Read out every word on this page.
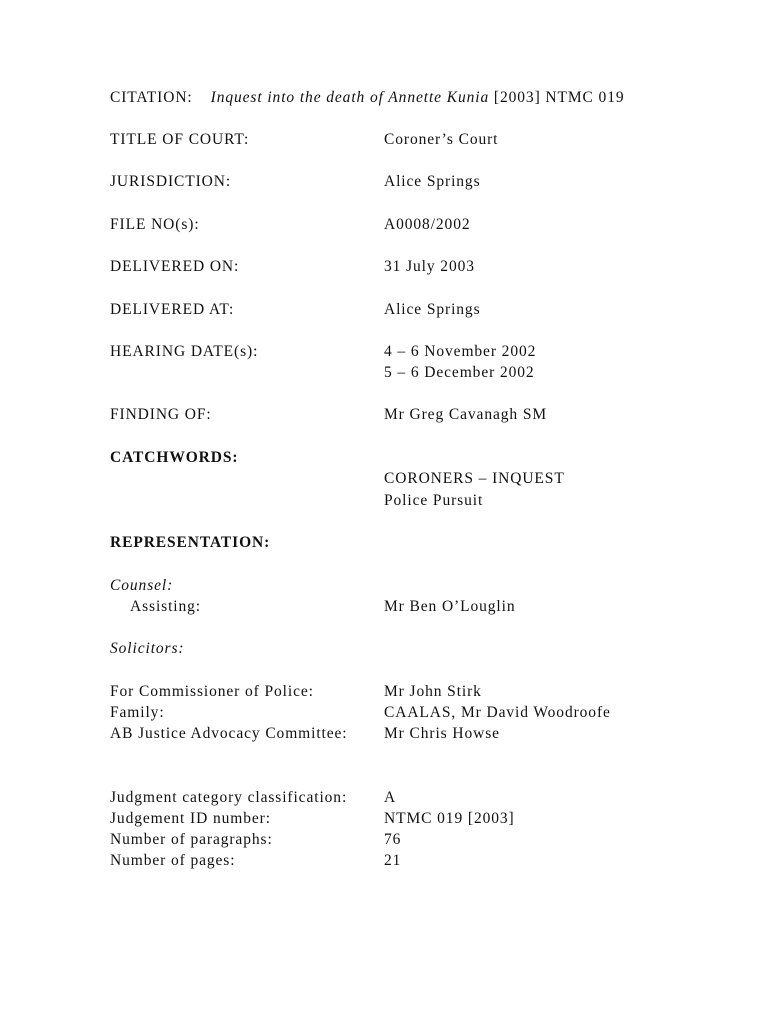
CITATION: Inquest into the death of Annette Kunia [2003] NTMC 019
TITLE OF COURT:	Coroner’s Court
JURISDICTION:	Alice Springs
FILE NO(s):	A0008/2002
DELIVERED ON:	31 July 2003
DELIVERED AT:	Alice Springs
HEARING DATE(s):	4 – 6 November 2002
5 – 6 December 2002
FINDING OF:	Mr Greg Cavanagh SM
CATCHWORDS:
CORONERS – INQUEST
Police Pursuit
REPRESENTATION:
Counsel:
Assisting:	Mr Ben O’Louglin
Solicitors:
For Commissioner of Police:	Mr John Stirk
Family:	CAALAS, Mr David Woodroofe
AB Justice Advocacy Committee: Mr Chris Howse
Judgment category classification: A
Judgement ID number:	NTMC 019 [2003]
Number of paragraphs:	76
Number of pages:	21
